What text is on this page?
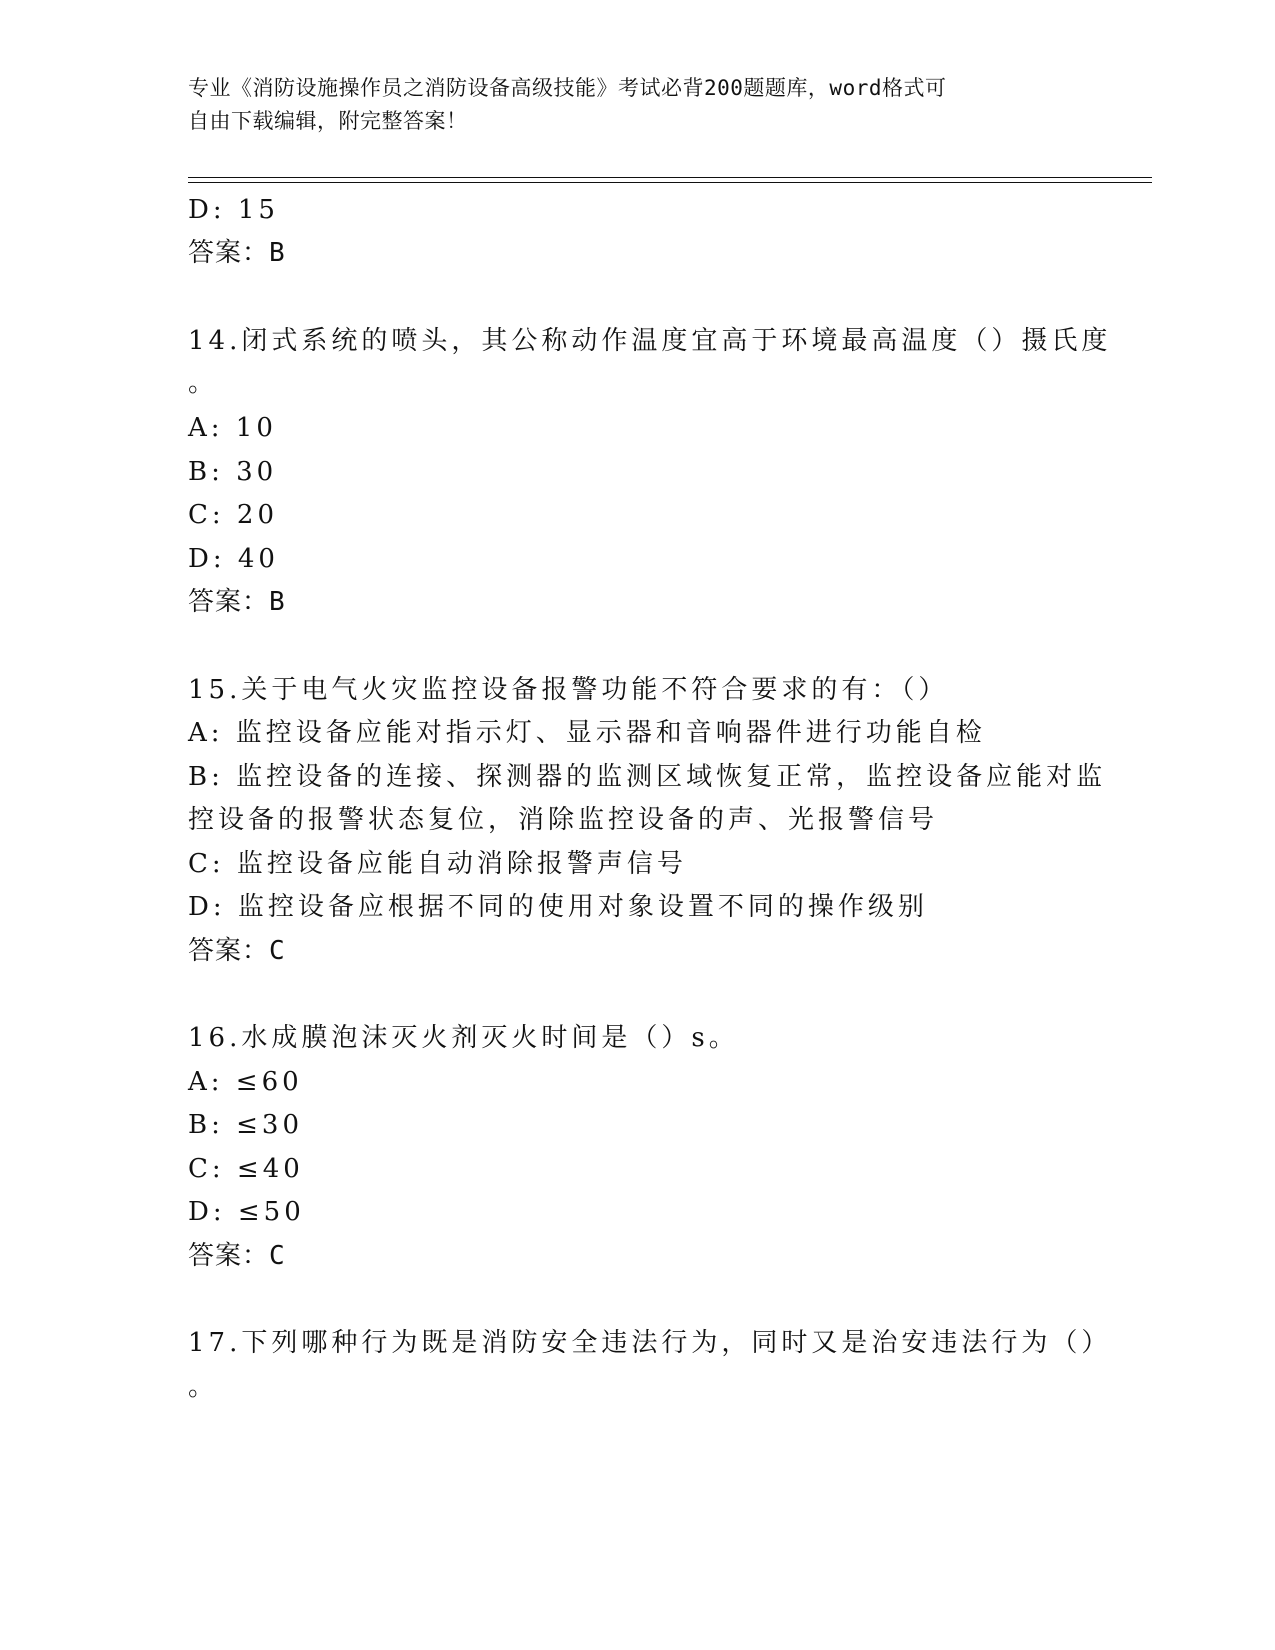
专业《消防设施操作员之消防设备高级技能》考试必背200题题库，word格式可
自由下载编辑，附完整答案！
D: 15
答案：B
14.闭式系统的喷头，其公称动作温度宜高于环境最高温度（）摄氏度
。
A: 10
B: 30
C: 20
D: 40
答案：B
15.关于电气火灾监控设备报警功能不符合要求的有：（）
A: 监控设备应能对指示灯、显示器和音响器件进行功能自检
B: 监控设备的连接、探测器的监测区域恢复正常，监控设备应能对监
控设备的报警状态复位，消除监控设备的声、光报警信号
C: 监控设备应能自动消除报警声信号
D: 监控设备应根据不同的使用对象设置不同的操作级别
答案：C
16.水成膜泡沫灭火剂灭火时间是（）s。
A: ≤60
B: ≤30
C: ≤40
D: ≤50
答案：C
17.下列哪种行为既是消防安全违法行为，同时又是治安违法行为（）
。
